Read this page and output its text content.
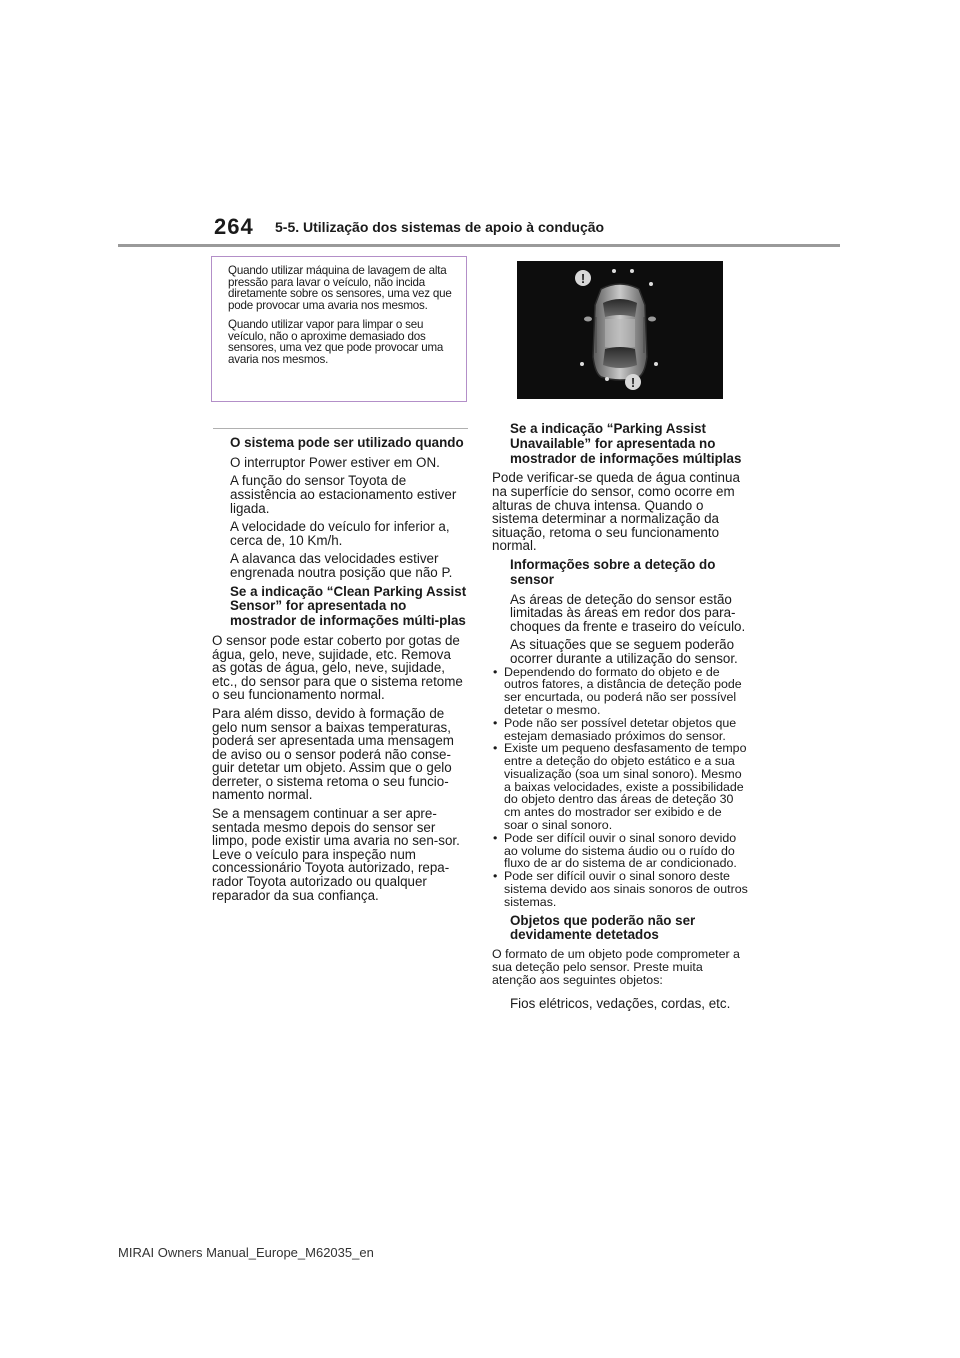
264 5-5. Utilização dos sistemas de apoio à condução

Quando utilizar máquina de lavagem de alta pressão para lavar o veículo, não incida diretamente sobre os sensores, uma vez que pode provocar uma avaria nos mesmos.

Quando utilizar vapor para limpar o seu veículo, não o aproxime demasiado dos sensores, uma vez que pode provocar uma avaria nos mesmos.

O sistema pode ser utilizado quando

O interruptor Power estiver em ON.

A função do sensor Toyota de assistência ao estacionamento estiver ligada.

A velocidade do veículo for inferior a, cerca de, 10 Km/h.

A alavanca das velocidades estiver engrenada noutra posição que não P.

Se a indicação “Clean Parking Assist Sensor” for apresentada no mostrador de informações múlti-plas

O sensor pode estar coberto por gotas de água, gelo, neve, sujidade, etc. Remova as gotas de água, gelo, neve, sujidade, etc., do sensor para que o sistema retome o seu funcionamento normal.

Para além disso, devido à formação de gelo num sensor a baixas temperaturas, poderá ser apresentada uma mensagem de aviso ou o sensor poderá não conse-guir detetar um objeto. Assim que o gelo derreter, o sistema retoma o seu funcio-namento normal.

Se a mensagem continuar a ser apre-sentada mesmo depois do sensor ser limpo, pode existir uma avaria no sen-sor. Leve o veículo para inspeção num concessionário Toyota autorizado, repa-rador Toyota autorizado ou qualquer reparador da sua confiança.

!
!

Se a indicação “Parking Assist Unavailable” for apresentada no mostrador de informações múltiplas

Pode verificar-se queda de água continua na superfície do sensor, como ocorre em alturas de chuva intensa. Quando o sistema determinar a normalização da situação, retoma o seu funcionamento normal.

Informações sobre a deteção do sensor

As áreas de deteção do sensor estão limitadas às áreas em redor dos para-choques da frente e traseiro do veículo.

As situações que se seguem poderão ocorrer durante a utilização do sensor.

• Dependendo do formato do objeto e de outros fatores, a distância de deteção pode ser encurtada, ou poderá não ser possível detetar o mesmo.
• Pode não ser possível detetar objetos que estejam demasiado próximos do sensor.
• Existe um pequeno desfasamento de tempo entre a deteção do objeto estático e a sua visualização (soa um sinal sonoro). Mesmo a baixas velocidades, existe a possibilidade do objeto dentro das áreas de deteção 30 cm antes do mostrador ser exibido e de soar o sinal sonoro.
• Pode ser difícil ouvir o sinal sonoro devido ao volume do sistema áudio ou o ruído do fluxo de ar do sistema de ar condicionado.
• Pode ser difícil ouvir o sinal sonoro deste sistema devido aos sinais sonoros de outros sistemas.

Objetos que poderão não ser devidamente detetados

O formato de um objeto pode comprometer a sua deteção pelo sensor. Preste muita atenção aos seguintes objetos:

Fios elétricos, vedações, cordas, etc.

MIRAI Owners Manual_Europe_M62035_en
